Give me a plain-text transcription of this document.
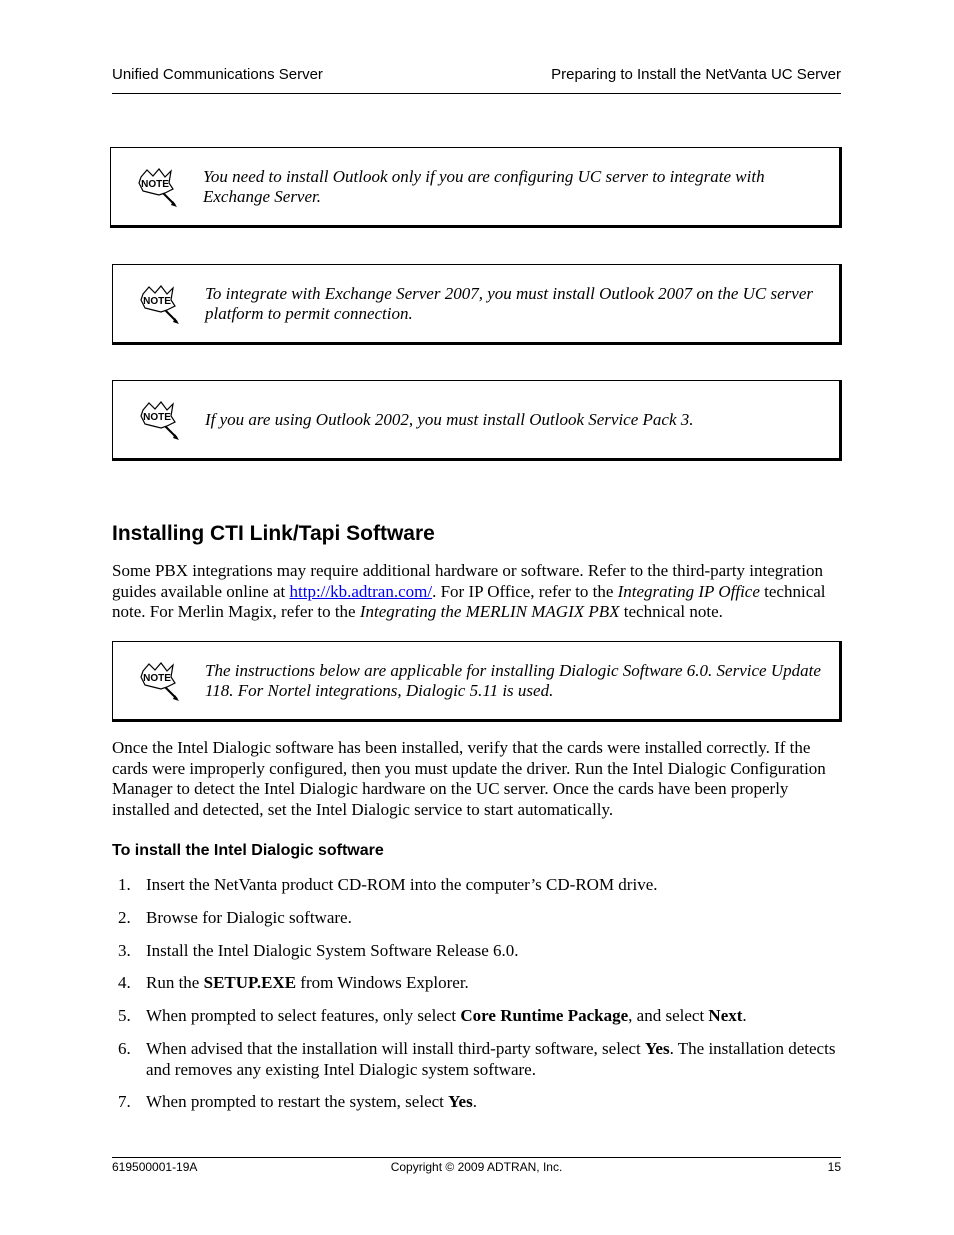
Unified Communications Server	Preparing to Install the NetVanta UC Server
You need to install Outlook only if you are configuring UC server to integrate with Exchange Server.
To integrate with Exchange Server 2007, you must install Outlook 2007 on the UC server platform to permit connection.
If you are using Outlook 2002, you must install Outlook Service Pack 3.
Installing CTI Link/Tapi Software
Some PBX integrations may require additional hardware or software. Refer to the third-party integration guides available online at http://kb.adtran.com/. For IP Office, refer to the Integrating IP Office technical note. For Merlin Magix, refer to the Integrating the MERLIN MAGIX PBX technical note.
The instructions below are applicable for installing Dialogic Software 6.0. Service Update 118. For Nortel integrations, Dialogic 5.11 is used.
Once the Intel Dialogic software has been installed, verify that the cards were installed correctly. If the cards were improperly configured, then you must update the driver. Run the Intel Dialogic Configuration Manager to detect the Intel Dialogic hardware on the UC server. Once the cards have been properly installed and detected, set the Intel Dialogic service to start automatically.
To install the Intel Dialogic software
1. Insert the NetVanta product CD-ROM into the computer’s CD-ROM drive.
2. Browse for Dialogic software.
3. Install the Intel Dialogic System Software Release 6.0.
4. Run the SETUP.EXE from Windows Explorer.
5. When prompted to select features, only select Core Runtime Package, and select Next.
6. When advised that the installation will install third-party software, select Yes. The installation detects and removes any existing Intel Dialogic system software.
7. When prompted to restart the system, select Yes.
619500001-19A	Copyright © 2009 ADTRAN, Inc.	15
